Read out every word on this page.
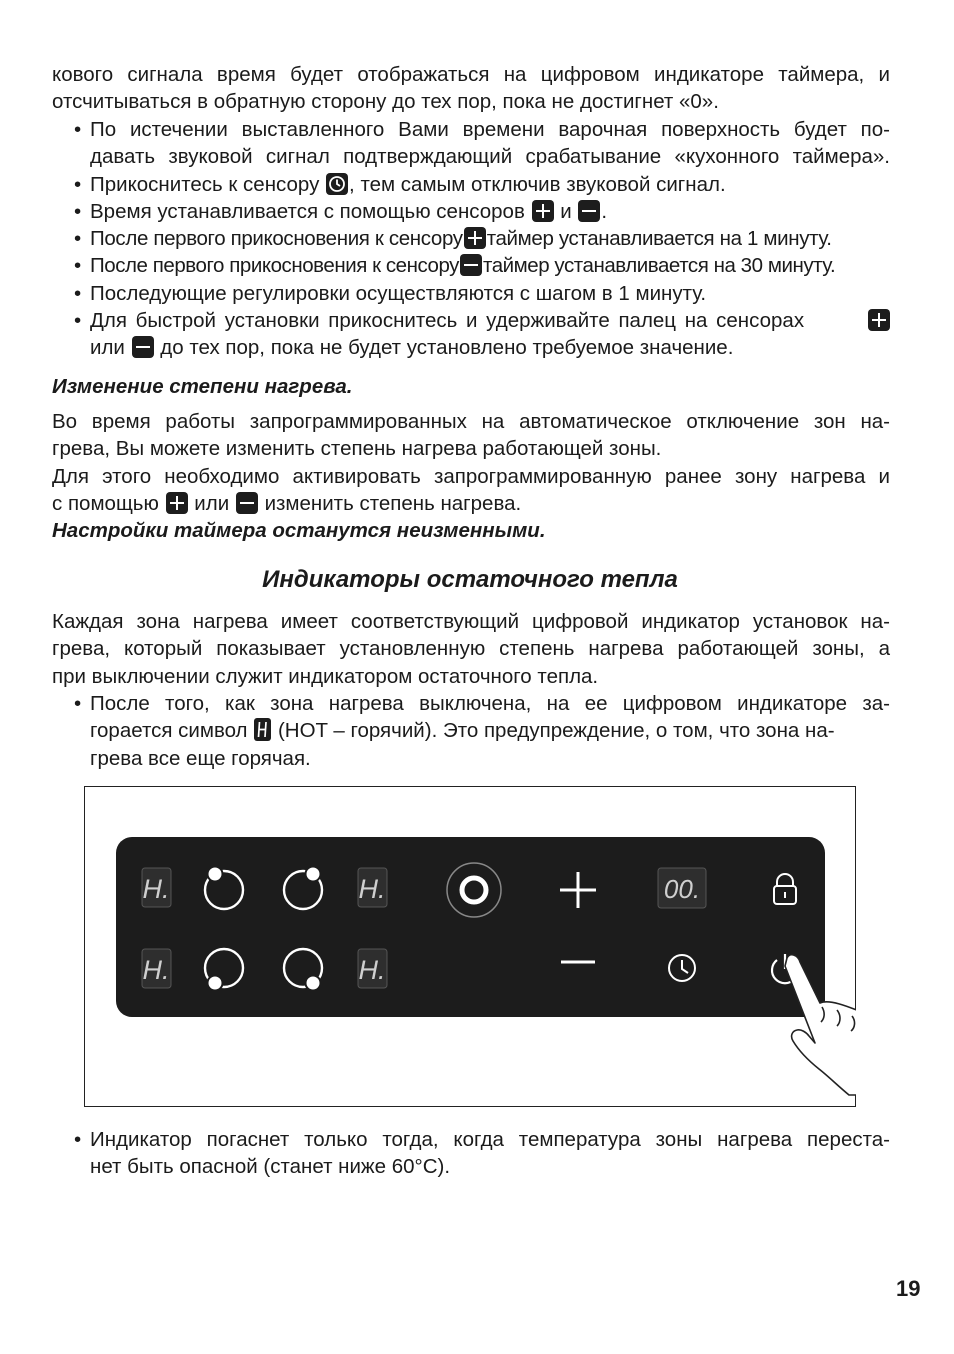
кового сигнала время будет отображаться на цифровом индикаторе таймера, и
отсчитываться в обратную сторону до тех пор, пока не достигнет «0».
• По истечении выставленного Вами времени варочная поверхность будет по-
давать звуковой сигнал подтверждающий срабатывание «кухонного таймера».
• Прикоснитесь к сенсору , тем самым отключив звуковой сигнал.
• Время устанавливается с помощью сенсоров и .
• После первого прикосновения к сенсору таймер устанавливается на 1 минуту.
• После первого прикосновения к сенсору таймер устанавливается на 30 минуту.
• Последующие регулировки осуществляются с шагом в 1 минуту.
• Для быстрой установки прикоснитесь и удерживайте палец на сенсорах
или до тех пор, пока не будет установлено требуемое значение.
Изменение степени нагрева.
Во время работы запрограммированных на автоматическое отключение зон на-
грева, Вы можете изменить степень нагрева работающей зоны.
Для этого необходимо активировать запрограммированную ранее зону нагрева и
с помощью или изменить степень нагрева.
Настройки таймера останутся неизменными.
Индикаторы остаточного тепла
Каждая зона нагрева имеет соответствующий цифровой индикатор установок на-
грева, который показывает установленную степень нагрева работающей зоны, а
при выключении служит индикатором остаточного тепла.
• После того, как зона нагрева выключена, на ее цифровом индикаторе за-
горается символ (HOT – горячий). Это предупреждение, о том, что зона на-
грева все еще горячая.
H.	H.
H.	H.
00.
• Индикатор погаснет только тогда, когда температура зоны нагрева переста-
нет быть опасной (станет ниже 60°С).
19
